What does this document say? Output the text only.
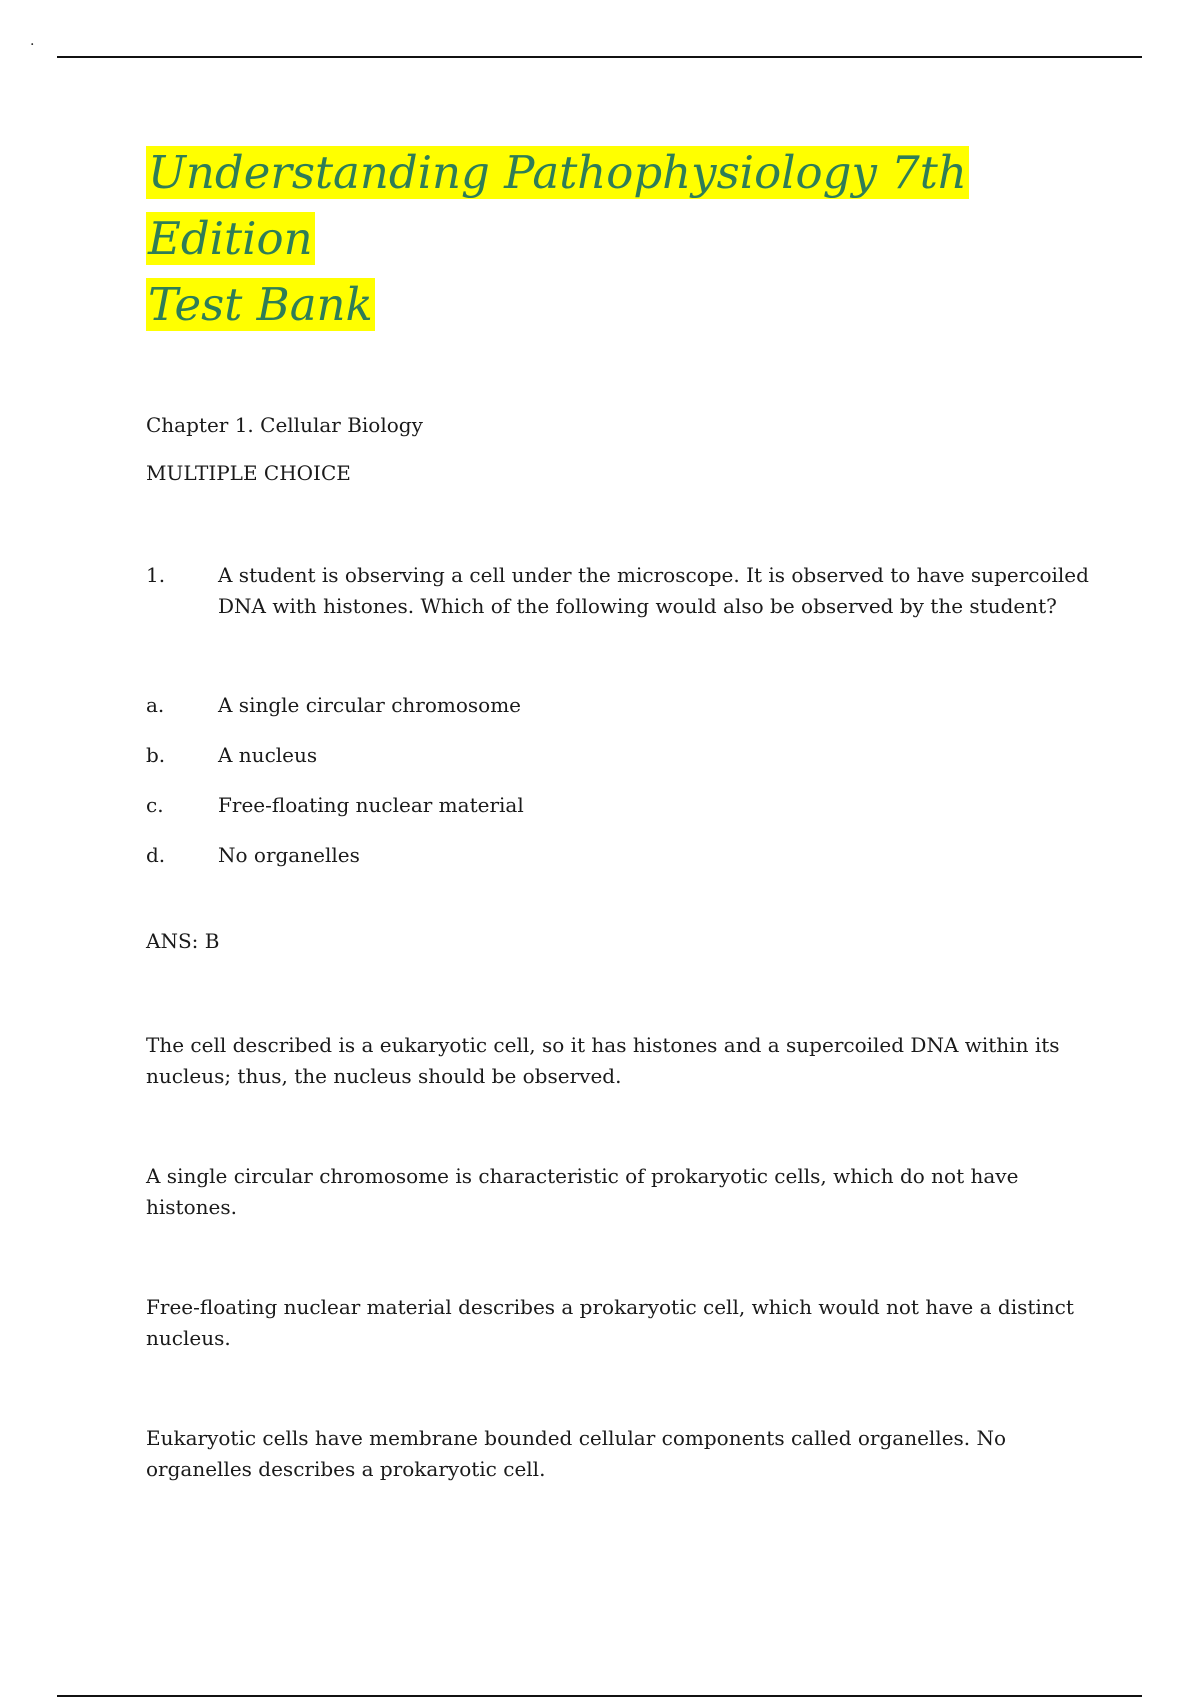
.
Understanding Pathophysiology 7th Edition
Test Bank
Chapter 1. Cellular Biology
MULTIPLE CHOICE
1.	A student is observing a cell under the microscope. It is observed to have supercoiled DNA with histones. Which of the following would also be observed by the student?
a.	A single circular chromosome
b.	A nucleus
c.	Free-floating nuclear material
d.	No organelles
ANS: B
The cell described is a eukaryotic cell, so it has histones and a supercoiled DNA within its nucleus; thus, the nucleus should be observed.
A single circular chromosome is characteristic of prokaryotic cells, which do not have histones.
Free-floating nuclear material describes a prokaryotic cell, which would not have a distinct nucleus.
Eukaryotic cells have membrane bounded cellular components called organelles. No organelles describes a prokaryotic cell.
